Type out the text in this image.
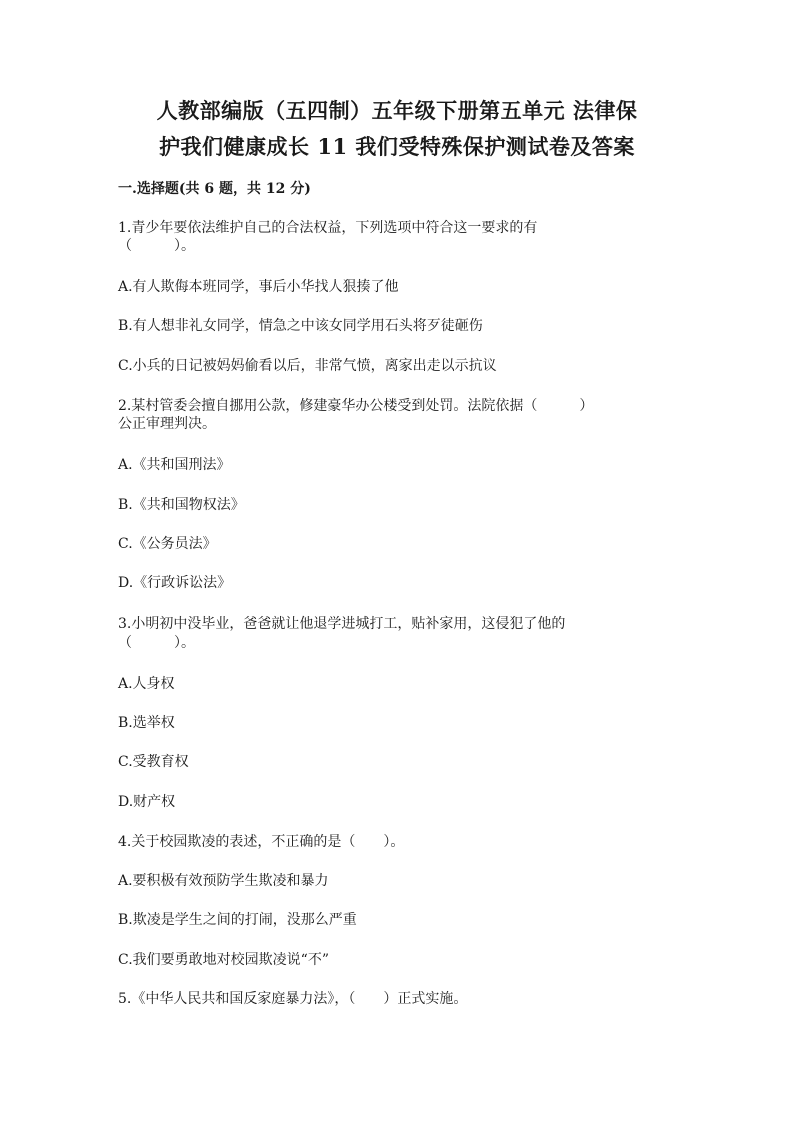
人教部编版（五四制）五年级下册第五单元 法律保
护我们健康成长 11 我们受特殊保护测试卷及答案
一.选择题(共 6 题，共 12 分)
1.青少年要依法维护自己的合法权益，下列选项中符合这一要求的有
（　　　）。
A.有人欺侮本班同学，事后小华找人狠揍了他
B.有人想非礼女同学，情急之中该女同学用石头将歹徒砸伤
C.小兵的日记被妈妈偷看以后，非常气愤，离家出走以示抗议
2.某村管委会擅自挪用公款，修建豪华办公楼受到处罚。法院依据（　　　）
公正审理判决。
A.《共和国刑法》
B.《共和国物权法》
C.《公务员法》
D.《行政诉讼法》
3.小明初中没毕业，爸爸就让他退学进城打工，贴补家用，这侵犯了他的
（　　　）。
A.人身权
B.选举权
C.受教育权
D.财产权
4.关于校园欺凌的表述，不正确的是（　　）。
A.要积极有效预防学生欺凌和暴力
B.欺凌是学生之间的打闹，没那么严重
C.我们要勇敢地对校园欺凌说“不”
5.《中华人民共和国反家庭暴力法》，（　　）正式实施。
